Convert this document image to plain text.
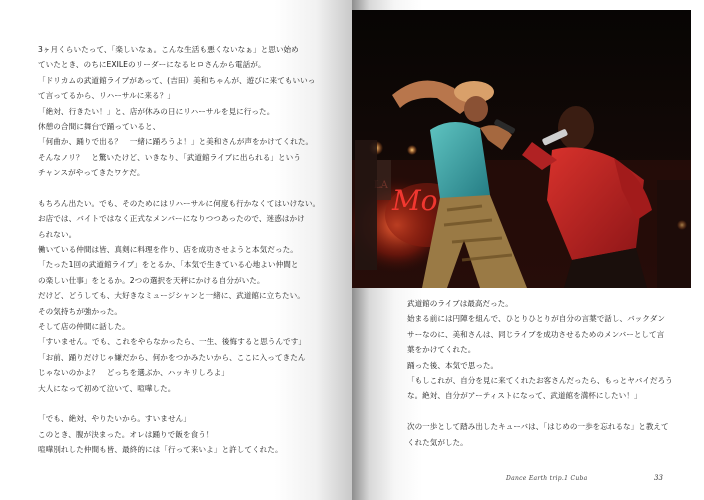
3ヶ月くらいたって、「楽しいなぁ。こんな生活も悪くないなぁ」と思い始め
ていたとき、のちにEXILEのリーダーになるヒロさんから電話が。
「ドリカムの武道館ライブがあって、(吉田）美和ちゃんが、遊びに来てもいいっ
て言ってるから、リハーサルに来る？」
「絶対、行きたい！」と、店が休みの日にリハーサルを見に行った。
休憩の合間に舞台で踊っていると、
「何曲か、踊りで出る？　一緒に踊ろうよ！」と美和さんが声をかけてくれた。
そんなノリ？　と驚いたけど、いきなり、「武道館ライブに出られる」という
チャンスがやってきたワケだ。
もちろん出たい。でも、そのためにはリハーサルに何度も行かなくてはいけない。
お店では、バイトではなく正式なメンバーになりつつあったので、迷惑はかけ
られない。
働いている仲間は皆、真剣に料理を作り、店を成功させようと本気だった。
「たった1回の武道館ライブ」をとるか、「本気で生きている心地よい仲間と
の楽しい仕事」をとるか。2つの選択を天秤にかける自分がいた。
だけど、どうしても、大好きなミュージシャンと一緒に、武道館に立ちたい。
その気持ちが強かった。
そして店の仲間に話した。
「すいません。でも、これをやらなかったら、一生、後悔すると思うんです」
「お前、踊りだけじゃ嫌だから、何かをつかみたいから、ここに入ってきたん
じゃないのかよ？　どっちを選ぶか、ハッキリしろよ」
大人になって初めて泣いて、喧嘩した。
「でも、絶対、やりたいから。すいません」
このとき、腹が決まった。オレは踊りで飯を食う！
喧嘩別れした仲間も皆、最終的には「行って来いよ」と許してくれた。
Mo
武道館のライブは最高だった。
始まる前には円陣を組んで、ひとりひとりが自分の言葉で話し、バックダン
サーなのに、美和さんは、同じライブを成功させるためのメンバーとして言
葉をかけてくれた。
踊った後、本気で思った。
「もしこれが、自分を見に来てくれたお客さんだったら、もっとヤバイだろう
な。絶対、自分がアーティストになって、武道館を満杯にしたい！」
次の一歩として踏み出したキューバは、「はじめの一歩を忘れるな」と教えて
くれた気がした。
Dance Earth trip.1 Cuba	33
